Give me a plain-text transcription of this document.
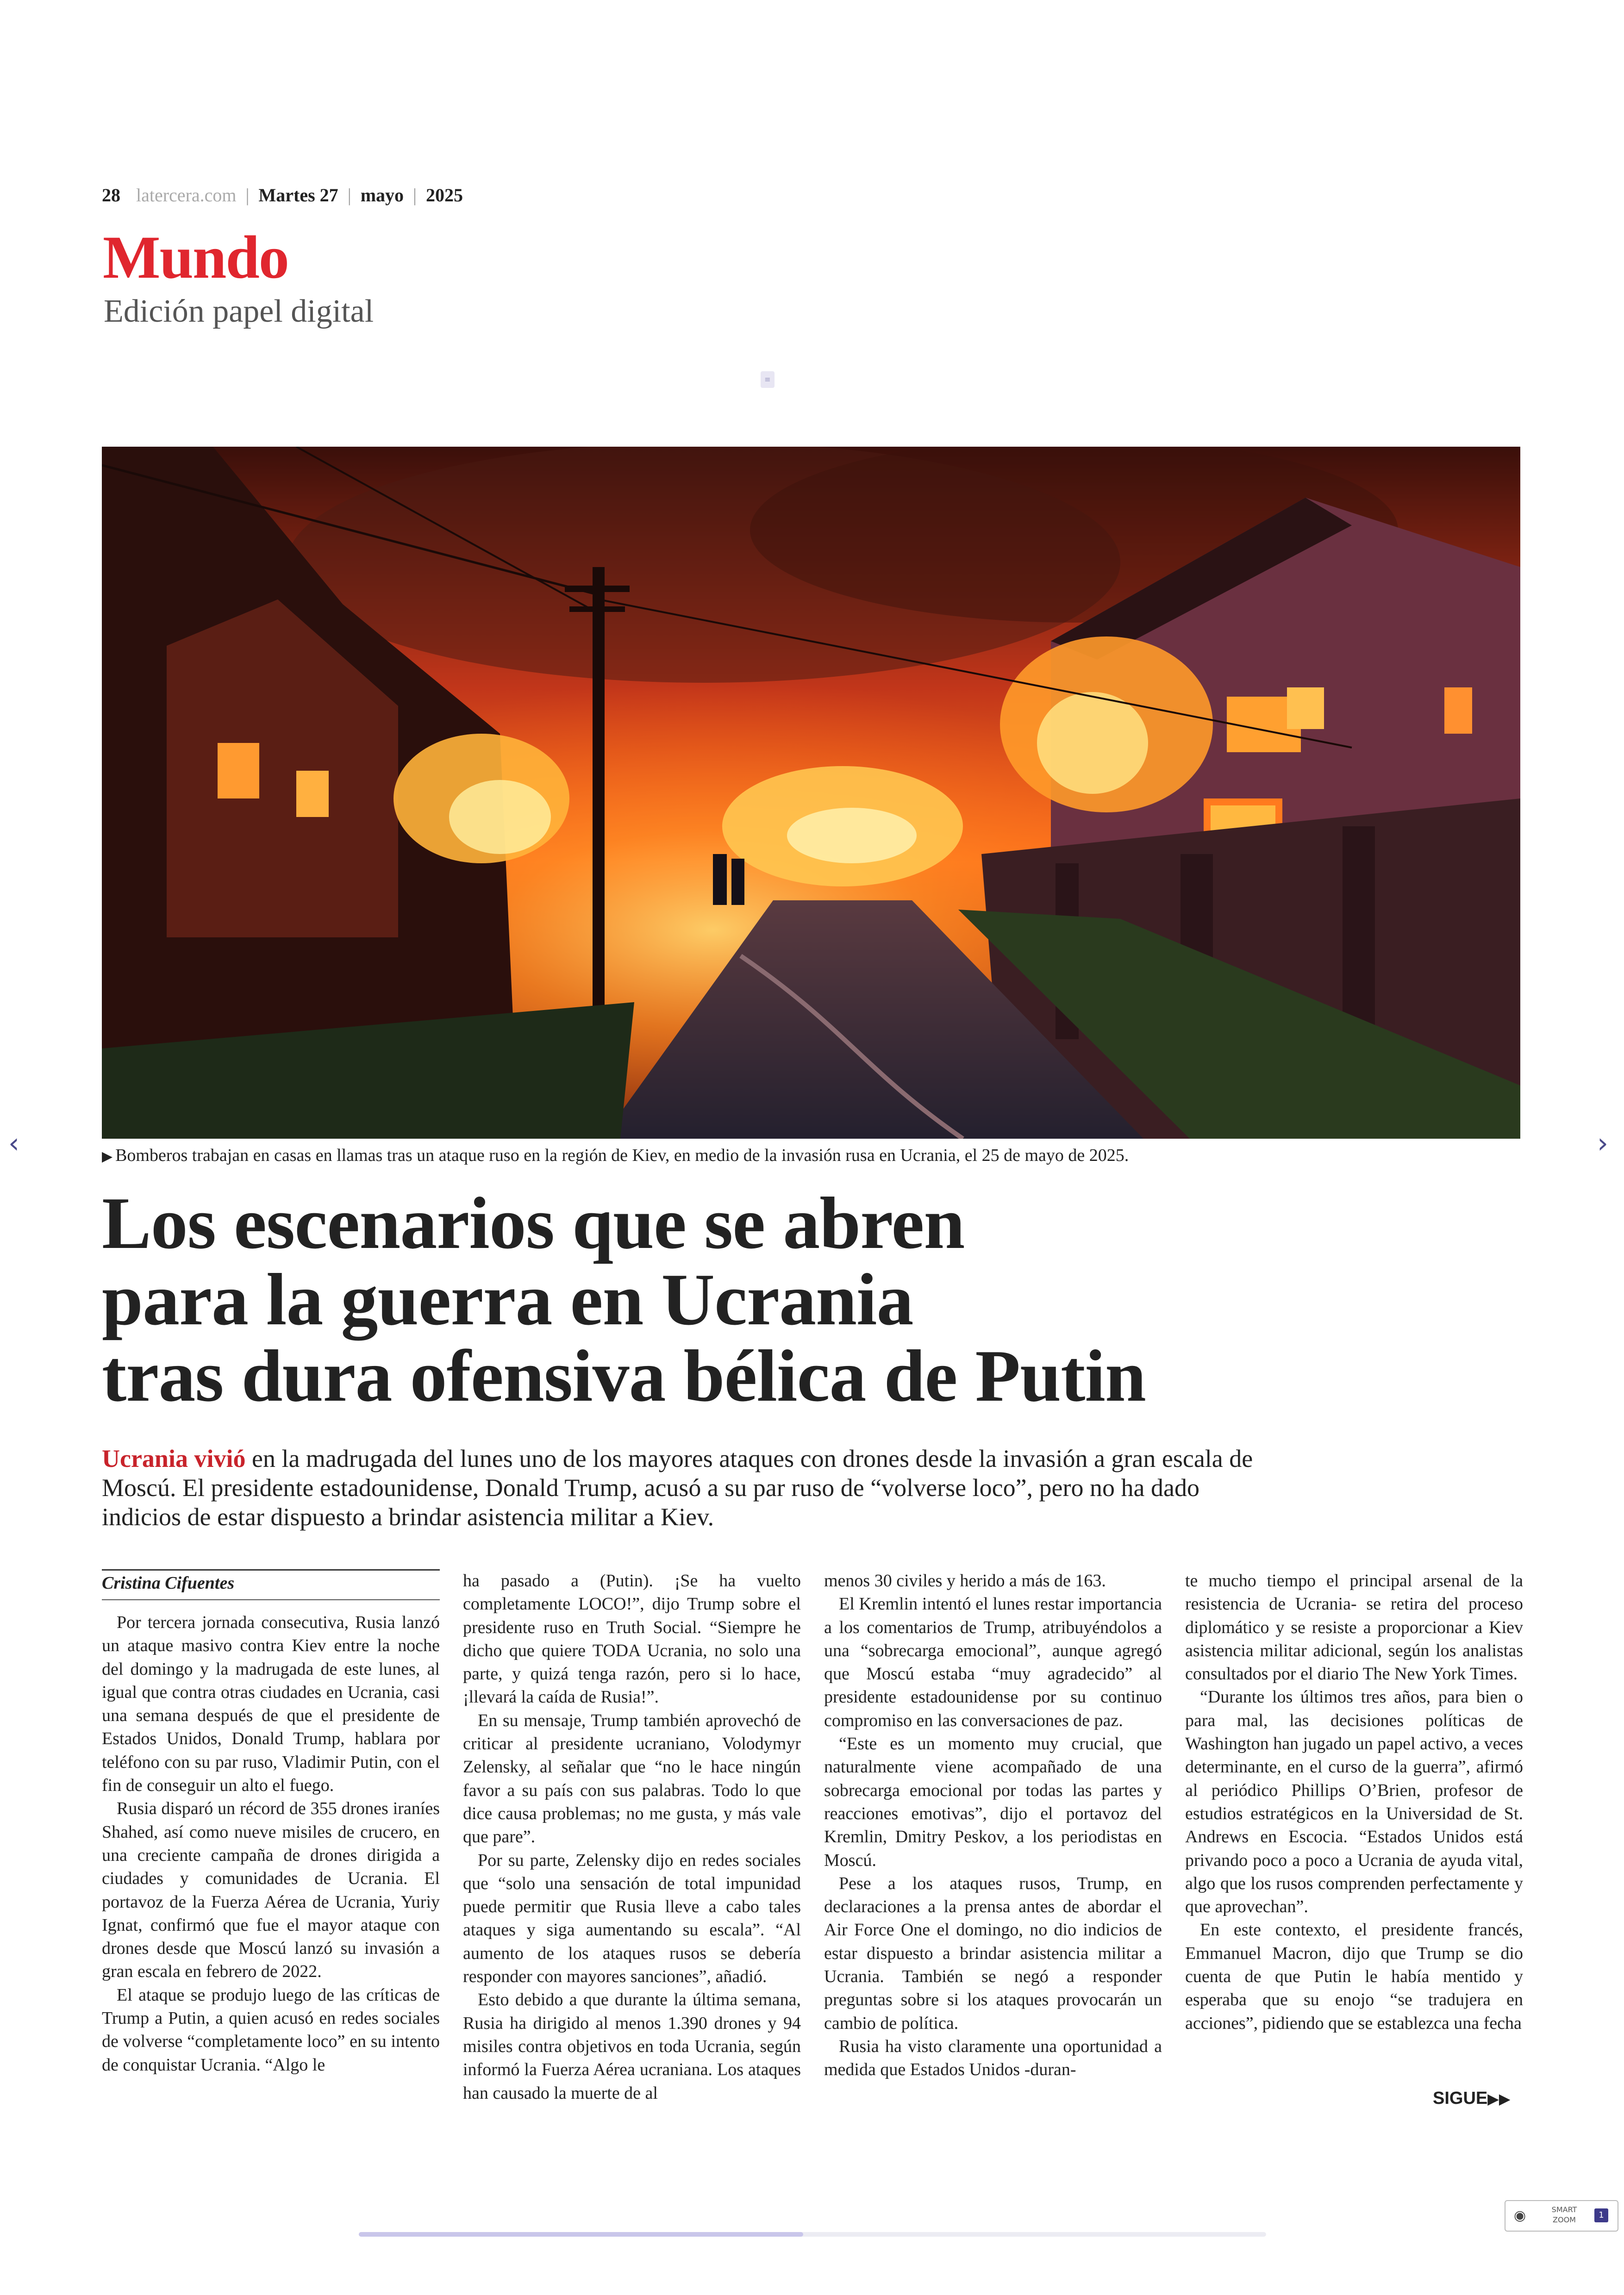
28 latercera.com | Martes 27 | mayo | 2025
Mundo
Edición papel digital
≡
▶ Bomberos trabajan en casas en llamas tras un ataque ruso en la región de Kiev, en medio de la invasión rusa en Ucrania, el 25 de mayo de 2025.
Los escenarios que se abren
para la guerra en Ucrania
tras dura ofensiva bélica de Putin
Ucrania vivió en la madrugada del lunes uno de los mayores ataques con drones desde la invasión a gran escala de Moscú. El presidente estadounidense, Donald Trump, acusó a su par ruso de “volverse loco”, pero no ha dado indicios de estar dispuesto a brindar asistencia militar a Kiev.
Cristina Cifuentes

Por tercera jornada consecutiva, Rusia lanzó un ataque masivo contra Kiev entre la noche del domingo y la madrugada de este lunes, al igual que contra otras ciudades en Ucrania, casi una semana después de que el presidente de Estados Unidos, Donald Trump, hablara por teléfono con su par ruso, Vladimir Putin, con el fin de conseguir un alto el fuego.

Rusia disparó un récord de 355 drones iraníes Shahed, así como nueve misiles de crucero, en una creciente campaña de drones dirigida a ciudades y comunidades de Ucrania. El portavoz de la Fuerza Aérea de Ucrania, Yuriy Ignat, confirmó que fue el mayor ataque con drones desde que Moscú lanzó su invasión a gran escala en febrero de 2022.

El ataque se produjo luego de las críticas de Trump a Putin, a quien acusó en redes sociales de volverse “completamente loco” en su intento de conquistar Ucrania. “Algo le

ha pasado a (Putin). ¡Se ha vuelto completamente LOCO!”, dijo Trump sobre el presidente ruso en Truth Social. “Siempre he dicho que quiere TODA Ucrania, no solo una parte, y quizá tenga razón, pero si lo hace, ¡llevará la caída de Rusia!”.

En su mensaje, Trump también aprovechó de criticar al presidente ucraniano, Volodymyr Zelensky, al señalar que “no le hace ningún favor a su país con sus palabras. Todo lo que dice causa problemas; no me gusta, y más vale que pare”.

Por su parte, Zelensky dijo en redes sociales que “solo una sensación de total impunidad puede permitir que Rusia lleve a cabo tales ataques y siga aumentando su escala”. “Al aumento de los ataques rusos se debería responder con mayores sanciones”, añadió.

Esto debido a que durante la última semana, Rusia ha dirigido al menos 1.390 drones y 94 misiles contra objetivos en toda Ucrania, según informó la Fuerza Aérea ucraniana. Los ataques han causado la muerte de al

menos 30 civiles y herido a más de 163.

El Kremlin intentó el lunes restar importancia a los comentarios de Trump, atribuyéndolos a una “sobrecarga emocional”, aunque agregó que Moscú estaba “muy agradecido” al presidente estadounidense por su continuo compromiso en las conversaciones de paz.

“Este es un momento muy crucial, que naturalmente viene acompañado de una sobrecarga emocional por todas las partes y reacciones emotivas”, dijo el portavoz del Kremlin, Dmitry Peskov, a los periodistas en Moscú.

Pese a los ataques rusos, Trump, en declaraciones a la prensa antes de abordar el Air Force One el domingo, no dio indicios de estar dispuesto a brindar asistencia militar a Ucrania. También se negó a responder preguntas sobre si los ataques provocarán un cambio de política.

Rusia ha visto claramente una oportunidad a medida que Estados Unidos -duran-

te mucho tiempo el principal arsenal de la resistencia de Ucrania- se retira del proceso diplomático y se resiste a proporcionar a Kiev asistencia militar adicional, según los analistas consultados por el diario The New York Times.

“Durante los últimos tres años, para bien o para mal, las decisiones políticas de Washington han jugado un papel activo, a veces determinante, en el curso de la guerra”, afirmó al periódico Phillips O’Brien, profesor de estudios estratégicos en la Universidad de St. Andrews en Escocia. “Estados Unidos está privando poco a poco a Ucrania de ayuda vital, algo que los rusos comprenden perfectamente y que aprovechan”.

En este contexto, el presidente francés, Emmanuel Macron, dijo que Trump se dio cuenta de que Putin le había mentido y esperaba que su enojo “se tradujera en acciones”, pidiendo que se establezca una fecha

SIGUE▶▶
‹	›
◉	SMART
ZOOM	1
